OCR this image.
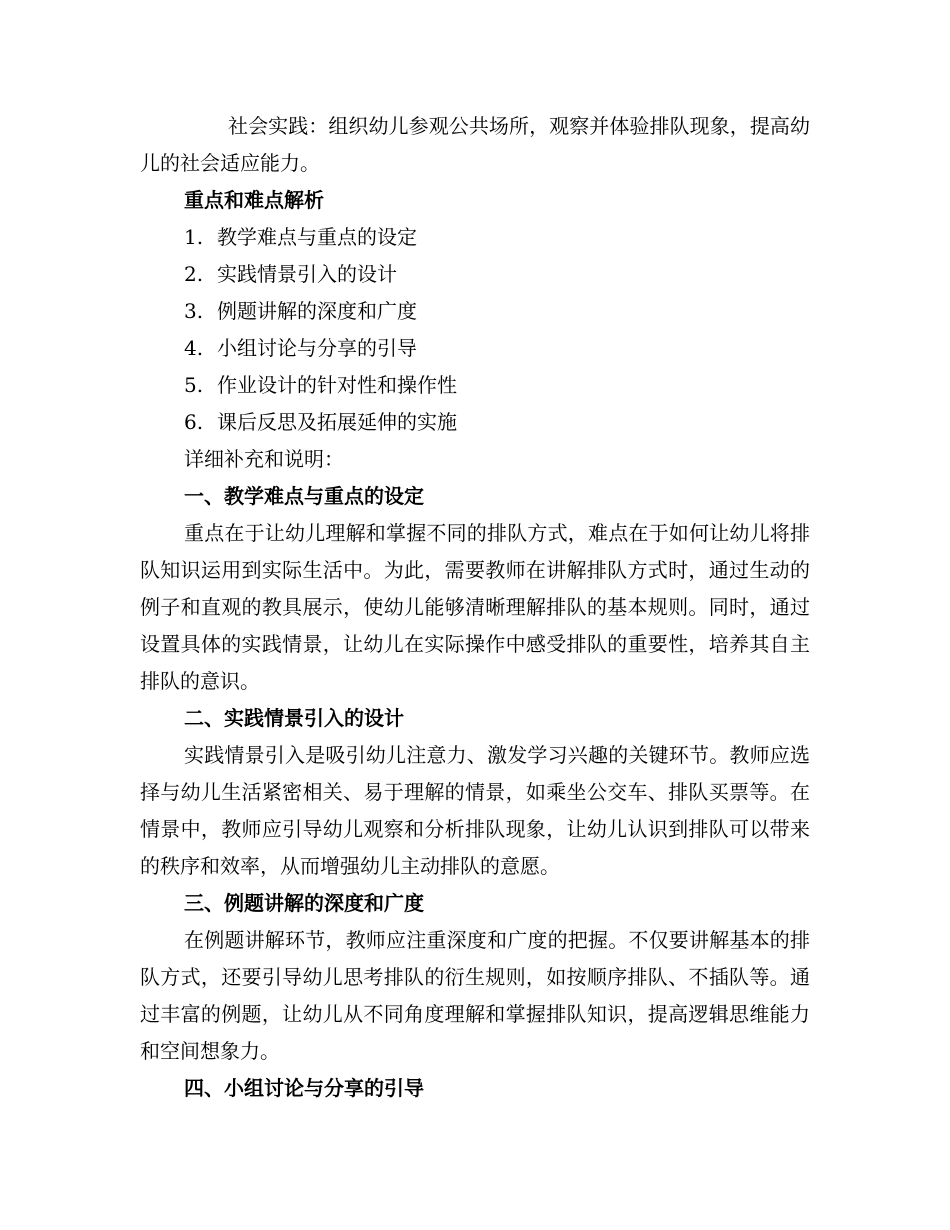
社会实践：组织幼儿参观公共场所，观察并体验排队现象，提高幼儿的社会适应能力。

重点和难点解析

1. 教学难点与重点的设定

2. 实践情景引入的设计

3. 例题讲解的深度和广度

4. 小组讨论与分享的引导

5. 作业设计的针对性和操作性

6. 课后反思及拓展延伸的实施

详细补充和说明：

一、教学难点与重点的设定

重点在于让幼儿理解和掌握不同的排队方式，难点在于如何让幼儿将排队知识运用到实际生活中。为此，需要教师在讲解排队方式时，通过生动的例子和直观的教具展示，使幼儿能够清晰理解排队的基本规则。同时，通过设置具体的实践情景，让幼儿在实际操作中感受排队的重要性，培养其自主排队的意识。

二、实践情景引入的设计

实践情景引入是吸引幼儿注意力、激发学习兴趣的关键环节。教师应选择与幼儿生活紧密相关、易于理解的情景，如乘坐公交车、排队买票等。在情景中，教师应引导幼儿观察和分析排队现象，让幼儿认识到排队可以带来的秩序和效率，从而增强幼儿主动排队的意愿。

三、例题讲解的深度和广度

在例题讲解环节，教师应注重深度和广度的把握。不仅要讲解基本的排队方式，还要引导幼儿思考排队的衍生规则，如按顺序排队、不插队等。通过丰富的例题，让幼儿从不同角度理解和掌握排队知识，提高逻辑思维能力和空间想象力。

四、小组讨论与分享的引导
